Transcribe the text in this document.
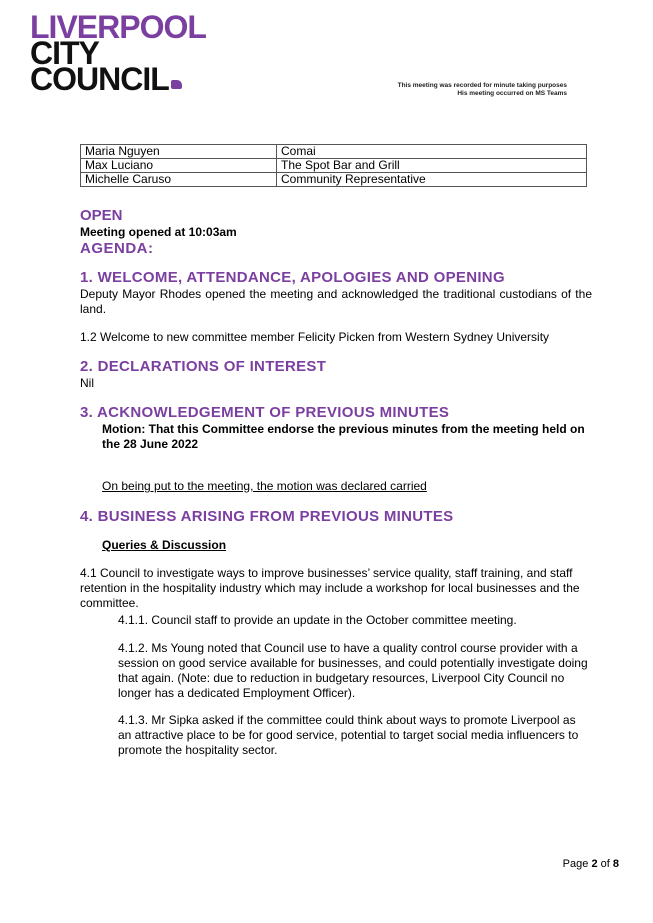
LIVERPOOL
CITY
COUNCIL	This meeting was recorded for minute taking purposes
His meeting occurred on MS Teams
Maria Nguyen	Comai
Max Luciano	The Spot Bar and Grill
Michelle Caruso	Community Representative
OPEN
Meeting opened at 10:03am
AGENDA:
1. WELCOME, ATTENDANCE, APOLOGIES AND OPENING

Deputy Mayor Rhodes opened the meeting and acknowledged the traditional custodians of the land.

1.2 Welcome to new committee member Felicity Picken from Western Sydney University

2. DECLARATIONS OF INTEREST

Nil

3. ACKNOWLEDGEMENT OF PREVIOUS MINUTES

Motion: That this Committee endorse the previous minutes from the meeting held on the 28 June 2022

On being put to the meeting, the motion was declared carried

4. BUSINESS ARISING FROM PREVIOUS MINUTES

Queries & Discussion

4.1 Council to investigate ways to improve businesses’ service quality, staff training, and staff retention in the hospitality industry which may include a workshop for local businesses and the committee.

4.1.1. Council staff to provide an update in the October committee meeting.

4.1.2. Ms Young noted that Council use to have a quality control course provider with a session on good service available for businesses, and could potentially investigate doing that again. (Note: due to reduction in budgetary resources, Liverpool City Council no longer has a dedicated Employment Officer).

4.1.3. Mr Sipka asked if the committee could think about ways to promote Liverpool as an attractive place to be for good service, potential to target social media influencers to promote the hospitality sector.

Page 2 of 8
